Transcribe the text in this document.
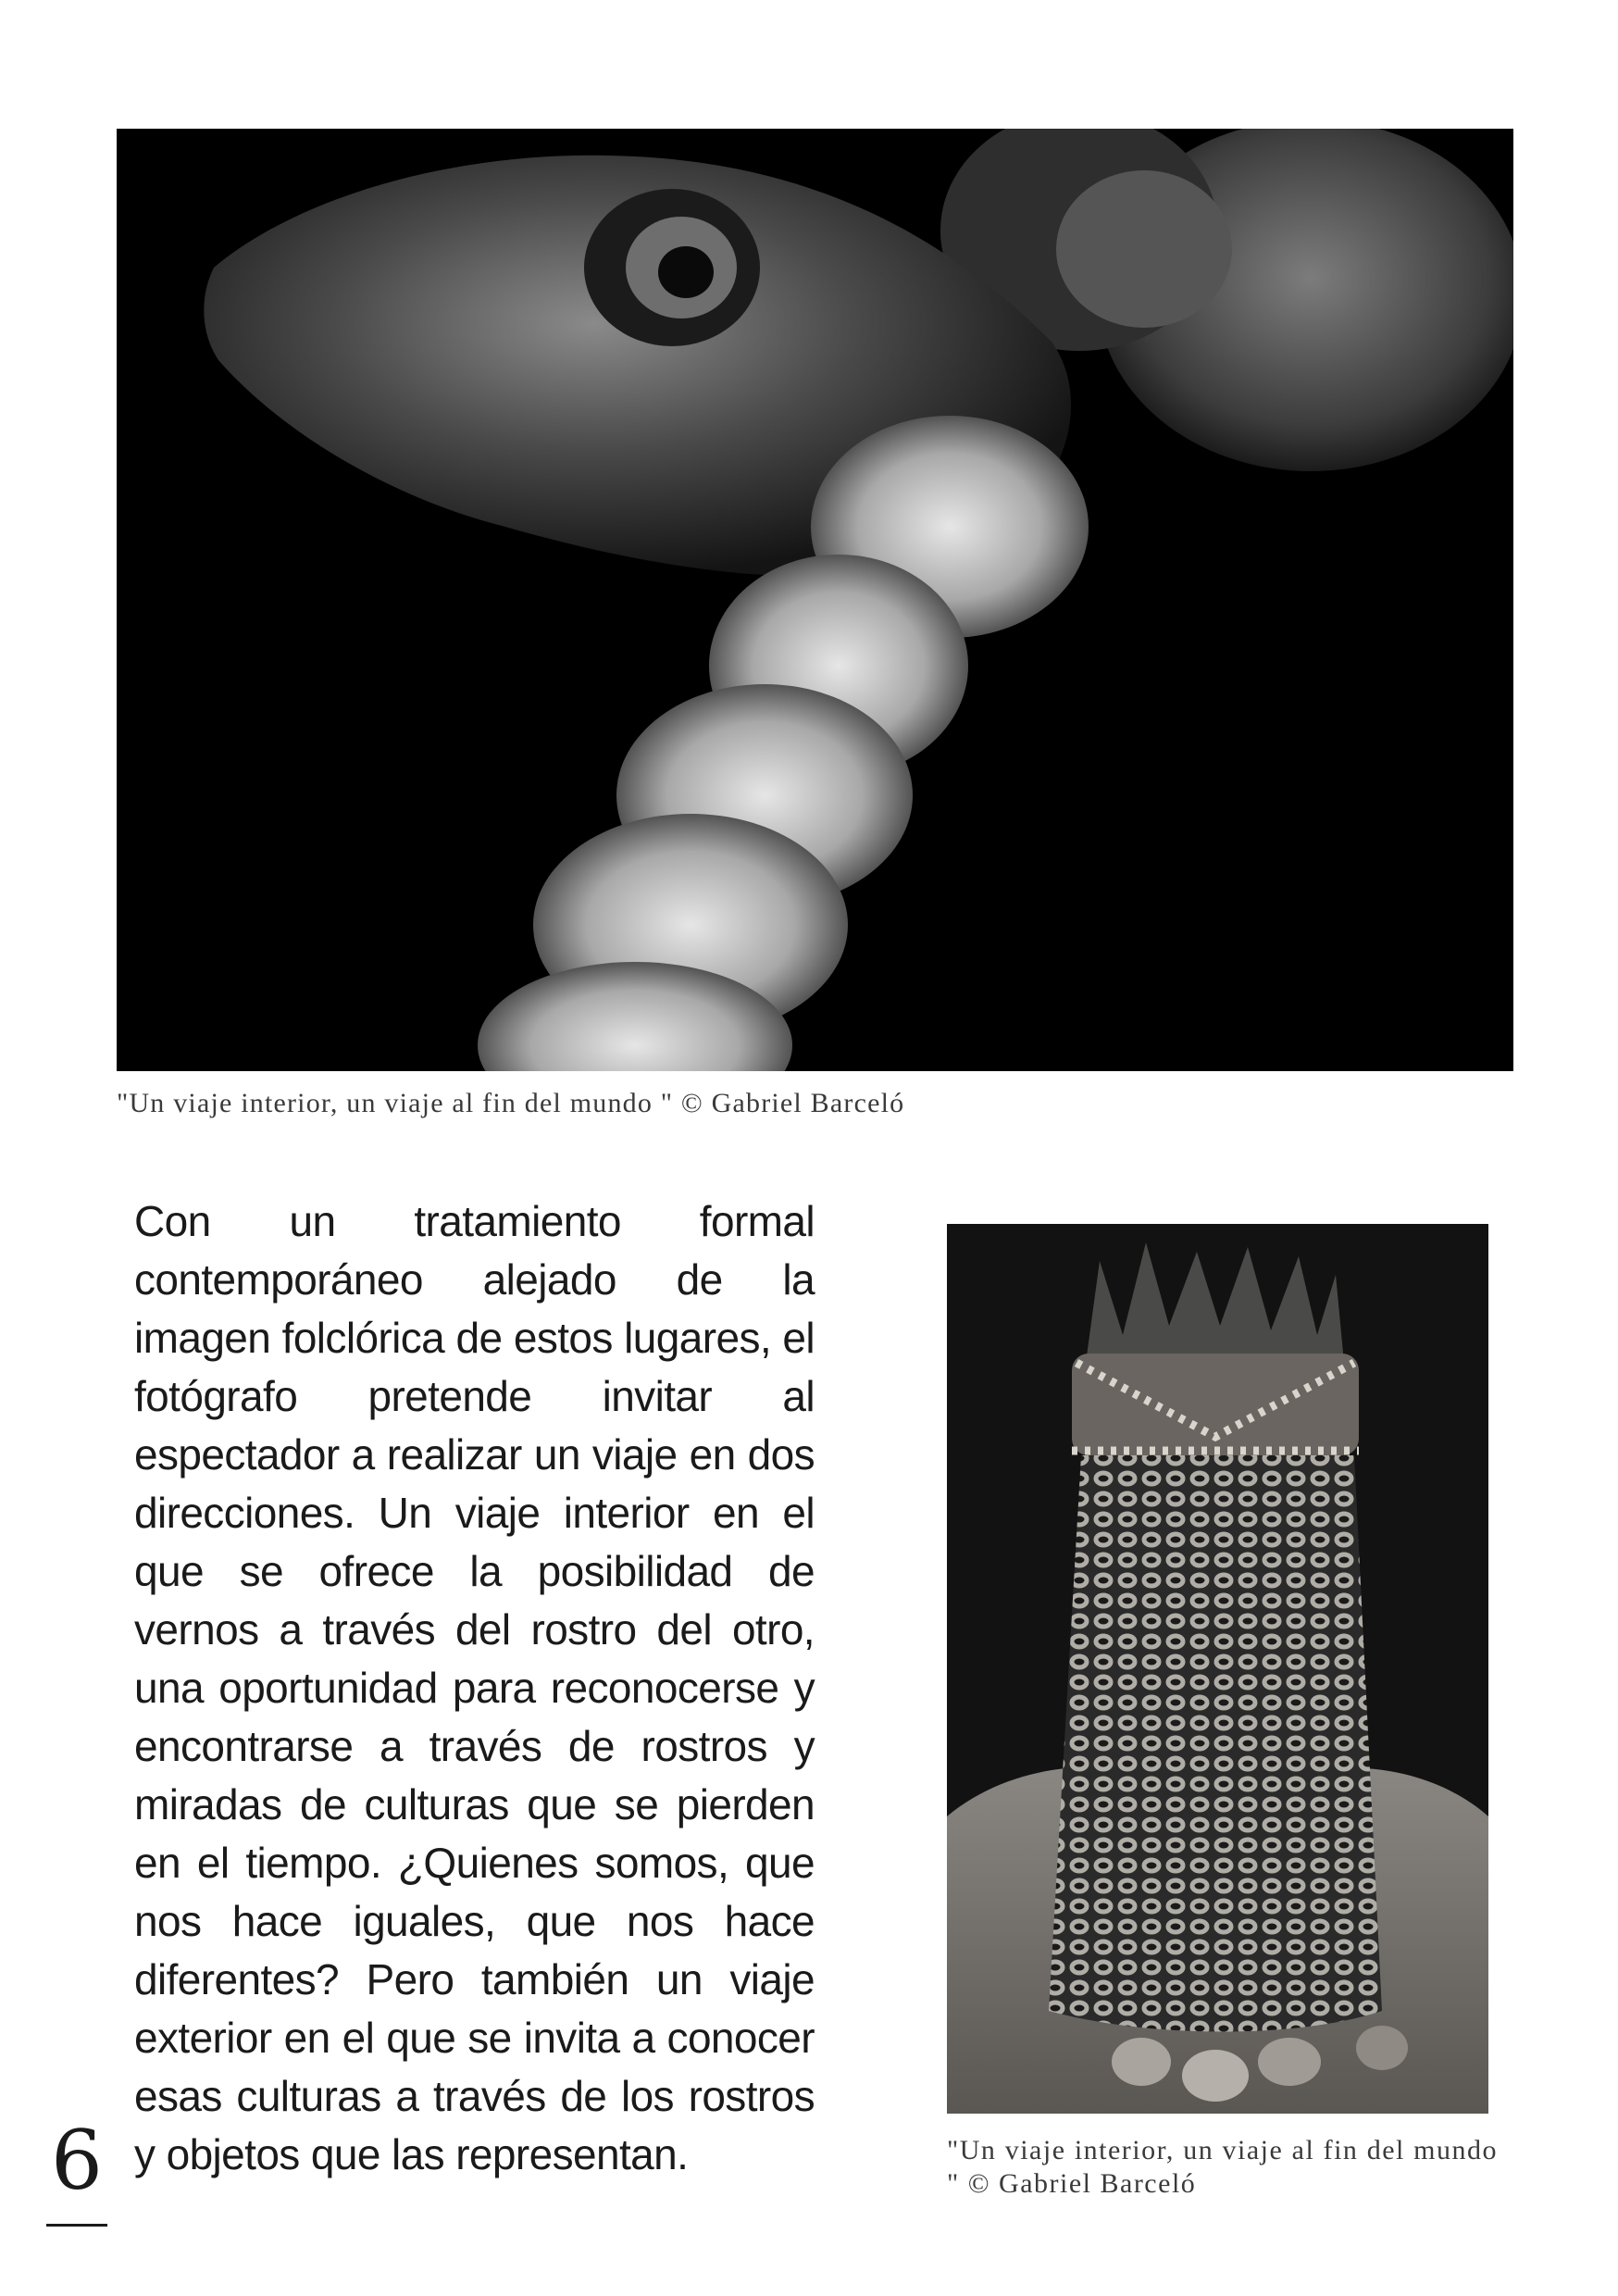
"Un viaje interior, un viaje al fin del mundo " © Gabriel Barceló
Con un tratamiento formal contemporáneo alejado de la imagen folclórica de estos lugares, el fotógrafo pretende invitar al espectador a realizar un viaje en dos direcciones. Un viaje interior en el que se ofrece la posibilidad de vernos a través del rostro del otro, una oportunidad para reconocerse y encontrarse a través de rostros y miradas de culturas que se pierden en el tiempo. ¿Quienes somos, que nos hace iguales, que nos hace diferentes? Pero también un viaje exterior en el que se invita a conocer esas culturas a través de los rostros y objetos que las representan.	"Un viaje interior, un viaje al fin del mundo " © Gabriel Barceló
6
